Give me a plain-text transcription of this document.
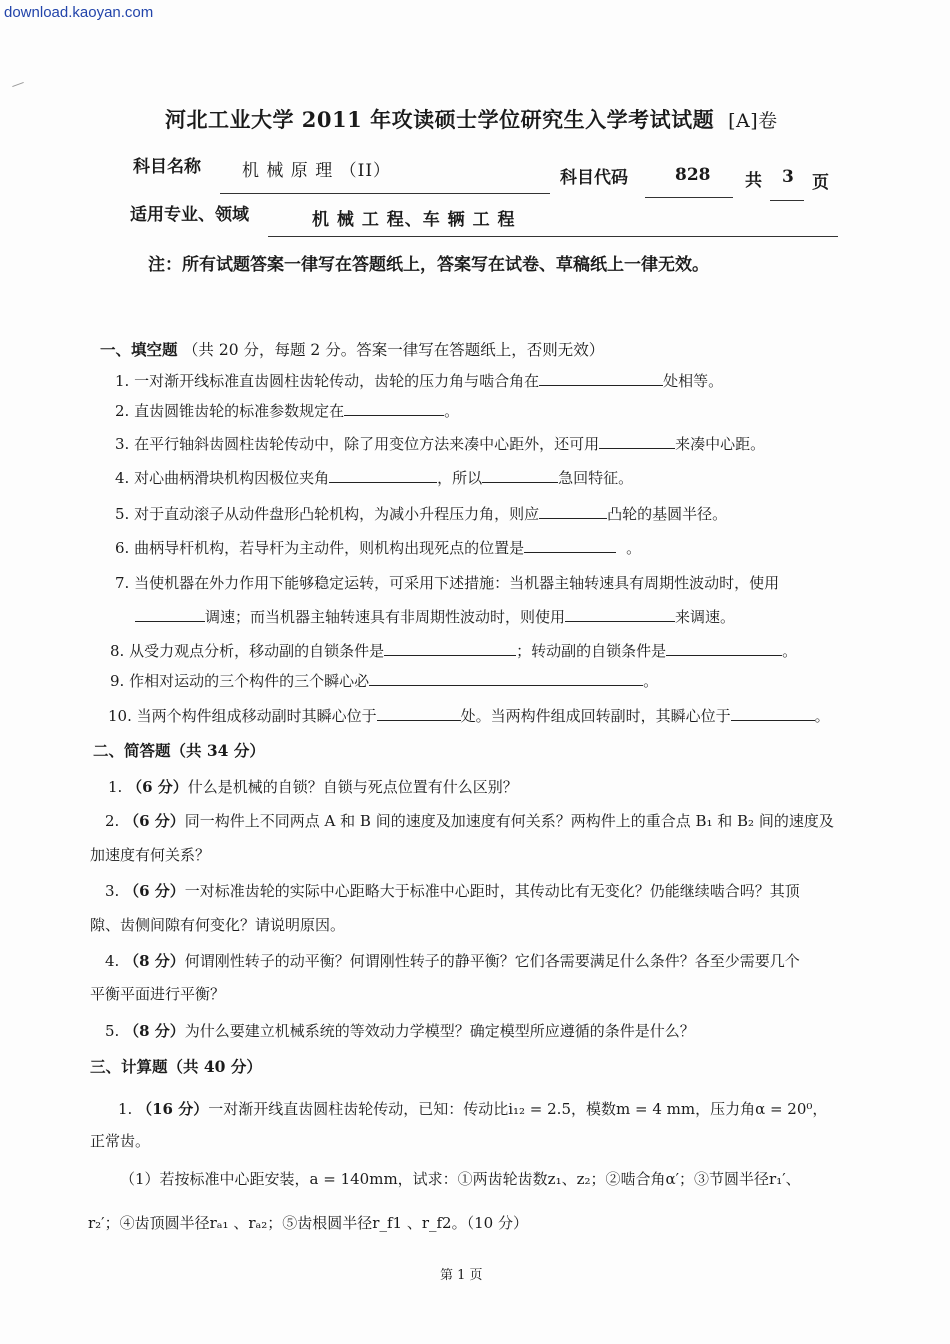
download.kaoyan.com
河北工业大学 2011 年攻读硕士学位研究生入学考试试题 [A]卷
科目名称 机 械 原 理 （II）	科目代码	828 共 3 页
适用专业、领域	机 械 工 程、车 辆 工 程
注：所有试题答案一律写在答题纸上，答案写在试卷、草稿纸上一律无效。
一、填空题 （共 20 分，每题 2 分。答案一律写在答题纸上，否则无效）
1. 一对渐开线标准直齿圆柱齿轮传动，齿轮的压力角与啮合角在	处相等。
2. 直齿圆锥齿轮的标准参数规定在	。
3. 在平行轴斜齿圆柱齿轮传动中，除了用变位方法来凑中心距外，还可用	来凑中心距。
4. 对心曲柄滑块机构因极位夹角	，所以	急回特征。
5. 对于直动滚子从动件盘形凸轮机构，为减小升程压力角，则应	凸轮的基圆半径。
6. 曲柄导杆机构，若导杆为主动件，则机构出现死点的位置是	。
7. 当使机器在外力作用下能够稳定运转，可采用下述措施：当机器主轴转速具有周期性波动时，使用
调速；而当机器主轴转速具有非周期性波动时，则使用	来调速。
8. 从受力观点分析，移动副的自锁条件是	；转动副的自锁条件是	。
9. 作相对运动的三个构件的三个瞬心必	。
10. 当两个构件组成移动副时其瞬心位于	处。当两构件组成回转副时，其瞬心位于	。
二、简答题（共 34 分）
1. （6 分）什么是机械的自锁？自锁与死点位置有什么区别？
2. （6 分）同一构件上不同两点 A 和 B 间的速度及加速度有何关系？两构件上的重合点 B₁ 和 B₂ 间的速度及
加速度有何关系？
3. （6 分）一对标准齿轮的实际中心距略大于标准中心距时，其传动比有无变化？仍能继续啮合吗？其顶
隙、齿侧间隙有何变化？请说明原因。
4. （8 分）何谓刚性转子的动平衡？何谓刚性转子的静平衡？它们各需要满足什么条件？各至少需要几个
平衡平面进行平衡？
5. （8 分）为什么要建立机械系统的等效动力学模型？确定模型所应遵循的条件是什么？
三、计算题（共 40 分）
1. （16 分）一对渐开线直齿圆柱齿轮传动，已知：传动比i₁₂ = 2.5，模数m = 4 mm，压力角α = 20⁰，
正常齿。
（1）若按标准中心距安装，a = 140mm，试求：①两齿轮齿数z₁、z₂；②啮合角α′；③节圆半径r₁′、
r₂′；④齿顶圆半径rₐ₁ 、rₐ₂；⑤齿根圆半径r_f1 、r_f2。（10 分）
第 1 页
